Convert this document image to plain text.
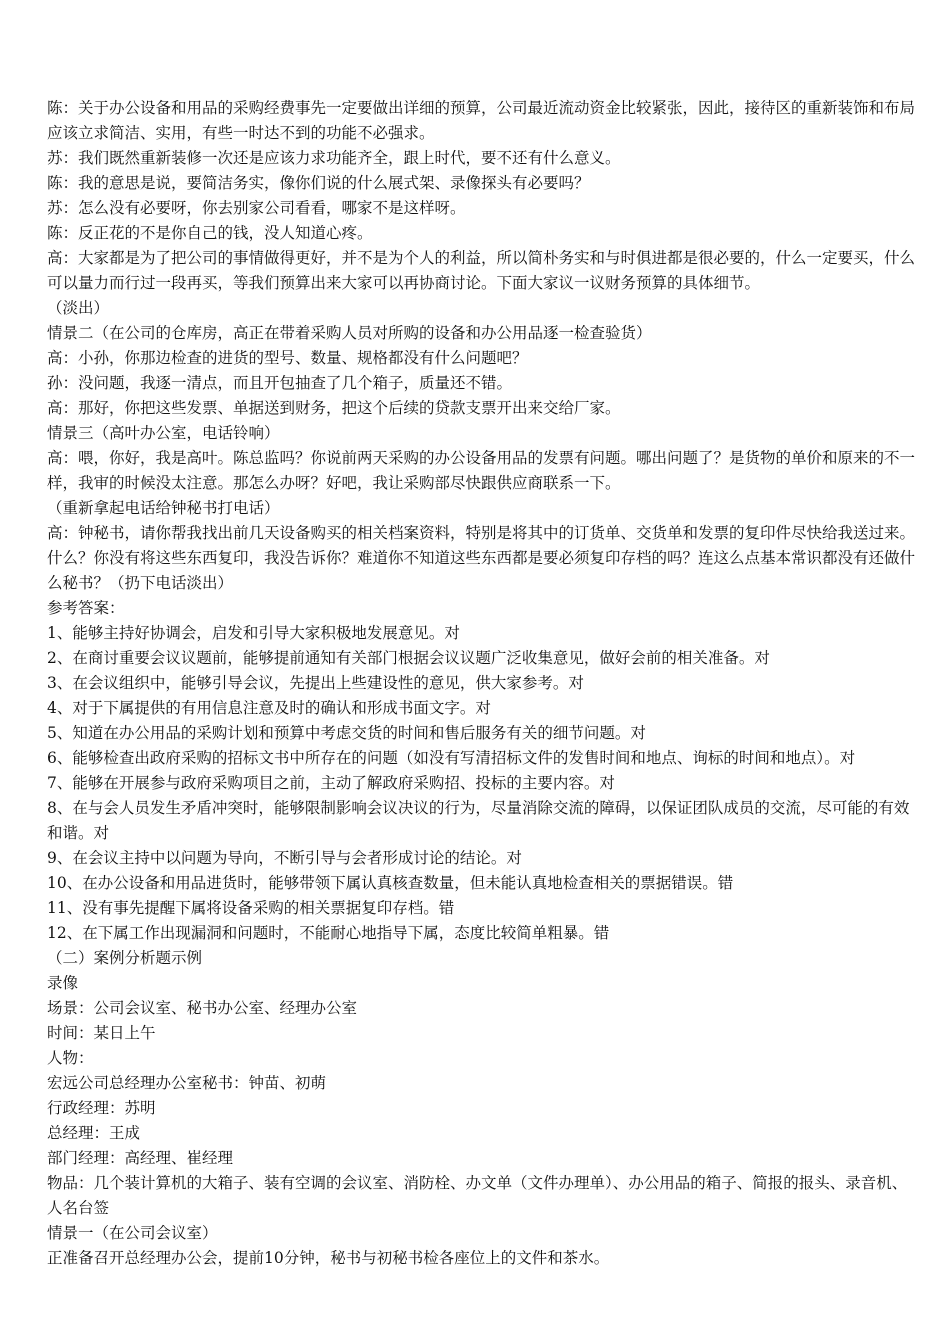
陈：关于办公设备和用品的采购经费事先一定要做出详细的预算，公司最近流动资金比较紧张，因此，接待区的重新装饰和布局应该立求简洁、实用，有些一时达不到的功能不必强求。

苏：我们既然重新装修一次还是应该力求功能齐全，跟上时代，要不还有什么意义。

陈：我的意思是说，要简洁务实，像你们说的什么展式架、录像探头有必要吗？

苏：怎么没有必要呀，你去别家公司看看，哪家不是这样呀。

陈：反正花的不是你自己的钱，没人知道心疼。

高：大家都是为了把公司的事情做得更好，并不是为个人的利益，所以简朴务实和与时俱进都是很必要的，什么一定要买，什么可以量力而行过一段再买，等我们预算出来大家可以再协商讨论。下面大家议一议财务预算的具体细节。

（淡出）

情景二（在公司的仓库房，高正在带着采购人员对所购的设备和办公用品逐一检查验货）

高：小孙，你那边检查的进货的型号、数量、规格都没有什么问题吧？

孙：没问题，我逐一清点，而且开包抽查了几个箱子，质量还不错。

高：那好，你把这些发票、单据送到财务，把这个后续的贷款支票开出来交给厂家。

情景三（高叶办公室，电话铃响）

高：喂，你好，我是高叶。陈总监吗？你说前两天采购的办公设备用品的发票有问题。哪出问题了？是货物的单价和原来的不一样，我审的时候没太注意。那怎么办呀？好吧，我让采购部尽快跟供应商联系一下。

（重新拿起电话给钟秘书打电话）

高：钟秘书，请你帮我找出前几天设备购买的相关档案资料，特别是将其中的订货单、交货单和发票的复印件尽快给我送过来。什么？你没有将这些东西复印，我没告诉你？难道你不知道这些东西都是要必须复印存档的吗？连这么点基本常识都没有还做什么秘书？（扔下电话淡出）

参考答案：

1、能够主持好协调会，启发和引导大家积极地发展意见。对

2、在商讨重要会议议题前，能够提前通知有关部门根据会议议题广泛收集意见，做好会前的相关准备。对

3、在会议组织中，能够引导会议，先提出上些建设性的意见，供大家参考。对

4、对于下属提供的有用信息注意及时的确认和形成书面文字。对

5、知道在办公用品的采购计划和预算中考虑交货的时间和售后服务有关的细节问题。对

6、能够检查出政府采购的招标文书中所存在的问题（如没有写清招标文件的发售时间和地点、询标的时间和地点）。对

7、能够在开展参与政府采购项目之前，主动了解政府采购招、投标的主要内容。对

8、在与会人员发生矛盾冲突时，能够限制影响会议决议的行为，尽量消除交流的障碍，以保证团队成员的交流，尽可能的有效和谐。对

9、在会议主持中以问题为导向，不断引导与会者形成讨论的结论。对

10、在办公设备和用品进货时，能够带领下属认真核查数量，但未能认真地检查相关的票据错误。错

11、没有事先提醒下属将设备采购的相关票据复印存档。错

12、在下属工作出现漏洞和问题时，不能耐心地指导下属，态度比较简单粗暴。错

（二）案例分析题示例

录像

场景：公司会议室、秘书办公室、经理办公室

时间：某日上午

人物：

宏远公司总经理办公室秘书：钟苗、初萌

行政经理：苏明

总经理：王成

部门经理：高经理、崔经理

物品：几个装计算机的大箱子、装有空调的会议室、消防栓、办文单（文件办理单）、办公用品的箱子、简报的报头、录音机、人名台签

情景一（在公司会议室）

正准备召开总经理办公会，提前10分钟，秘书与初秘书检各座位上的文件和茶水。
